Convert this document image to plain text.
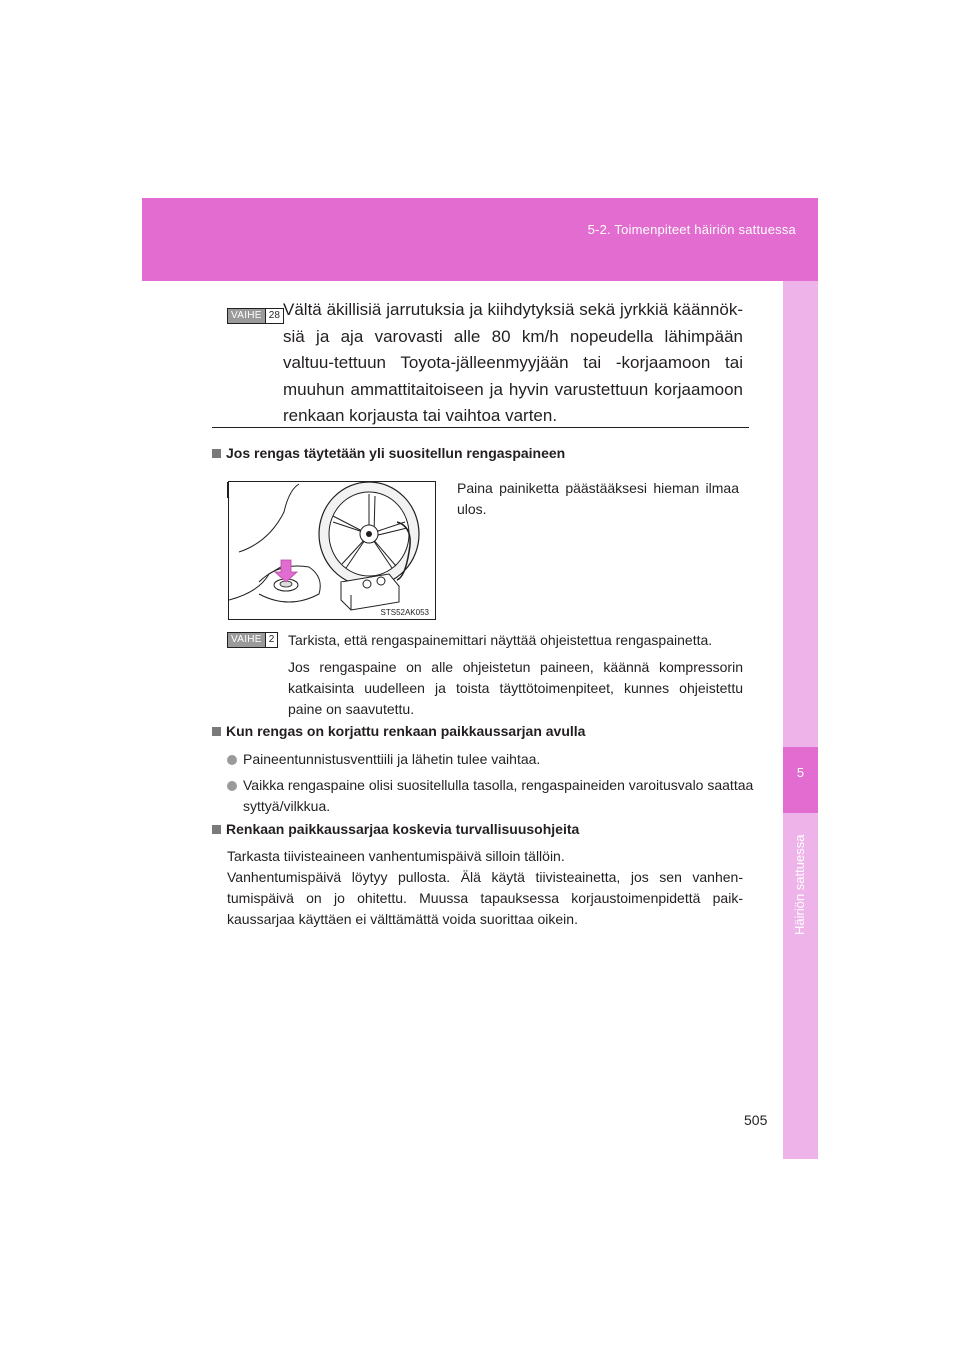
5-2. Toimenpiteet häiriön sattuessa
5
Häiriön sattuessa
VAIHE 28 Vältä äkillisiä jarrutuksia ja kiihdytyksiä sekä jyrkkiä käännök-siä ja aja varovasti alle 80 km/h nopeudella lähimpään valtuu-tettuun Toyota-jälleenmyyjään tai -korjaamoon tai muuhun ammattitaitoiseen ja hyvin varustettuun korjaamoon renkaan korjausta tai vaihtoa varten.
Jos rengas täytetään yli suositellun rengaspaineen
STS52AK053
Paina painiketta päästääksesi hieman ilmaa ulos.
VAIHE 2 Tarkista, että rengaspainemittari näyttää ohjeistettua rengaspainetta.
Jos rengaspaine on alle ohjeistetun paineen, käännä kompressorin katkaisinta uudelleen ja toista täyttötoimenpiteet, kunnes ohjeistettu paine on saavutettu.
Kun rengas on korjattu renkaan paikkaussarjan avulla
Paineentunnistusventtiili ja lähetin tulee vaihtaa.
Vaikka rengaspaine olisi suositellulla tasolla, rengaspaineiden varoitusvalo saattaa syttyä/vilkkua.
Renkaan paikkaussarjaa koskevia turvallisuusohjeita
Tarkasta tiivisteaineen vanhentumispäivä silloin tällöin.
Vanhentumispäivä löytyy pullosta. Älä käytä tiivisteainetta, jos sen vanhen-tumispäivä on jo ohitettu. Muussa tapauksessa korjaustoimenpidettä paik-kaussarjaa käyttäen ei välttämättä voida suorittaa oikein.
505
